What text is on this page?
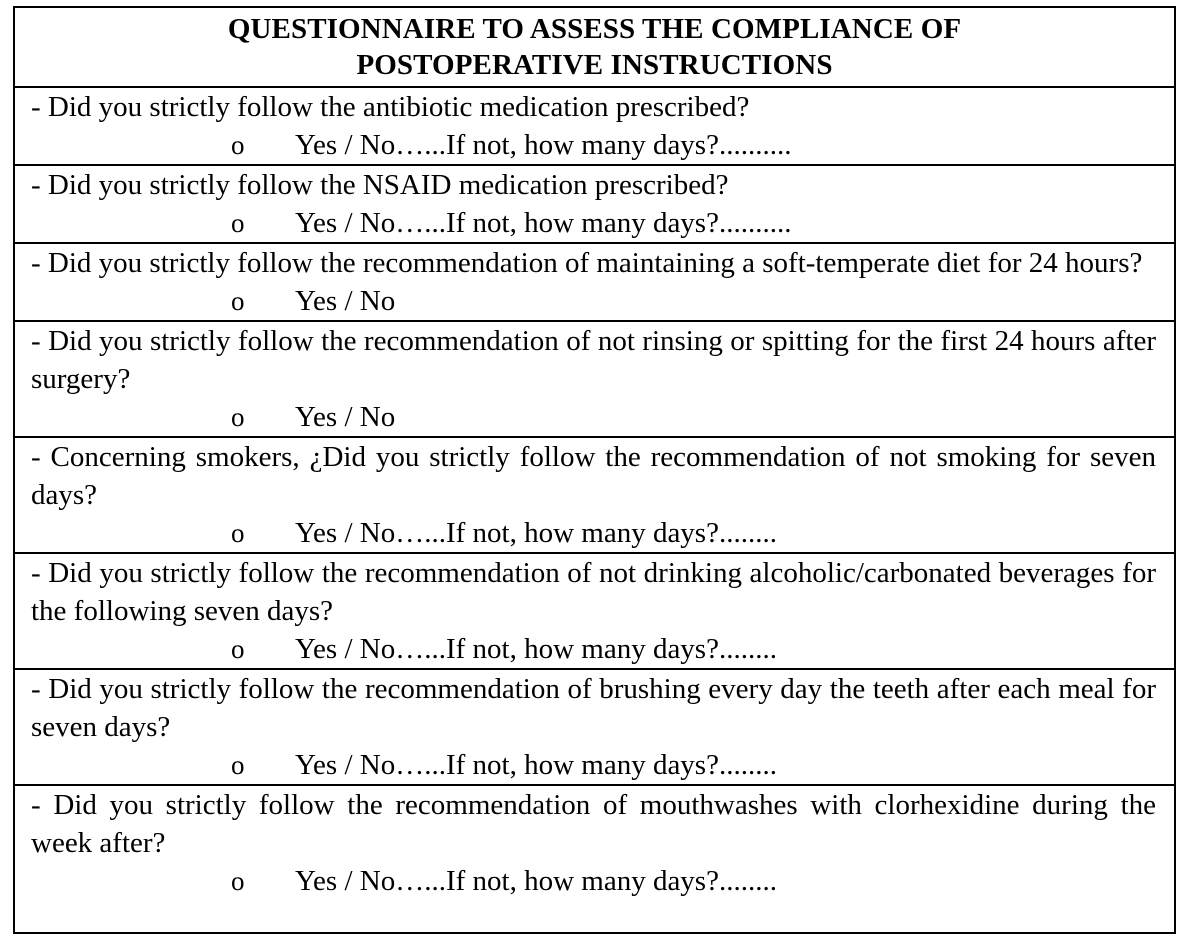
QUESTIONNAIRE TO ASSESS THE COMPLIANCE OF
POSTOPERATIVE INSTRUCTIONS
- Did you strictly follow the antibiotic medication prescribed?
o	Yes / No…...If not, how many days?..........
- Did you strictly follow the NSAID medication prescribed?
o	Yes / No…...If not, how many days?..........
- Did you strictly follow the recommendation of maintaining a soft-temperate diet for 24 hours?
o	Yes / No
- Did you strictly follow the recommendation of not rinsing or spitting for the first 24 hours after surgery?
o	Yes / No
- Concerning smokers, ¿Did you strictly follow the recommendation of not smoking for seven days?
o	Yes / No…...If not, how many days?........
- Did you strictly follow the recommendation of not drinking alcoholic/carbonated beverages for the following seven days?
o	Yes / No…...If not, how many days?........
- Did you strictly follow the recommendation of brushing every day the teeth after each meal for seven days?
o	Yes / No…...If not, how many days?........
- Did you strictly follow the recommendation of mouthwashes with clorhexidine during the week after?
o	Yes / No…...If not, how many days?........
